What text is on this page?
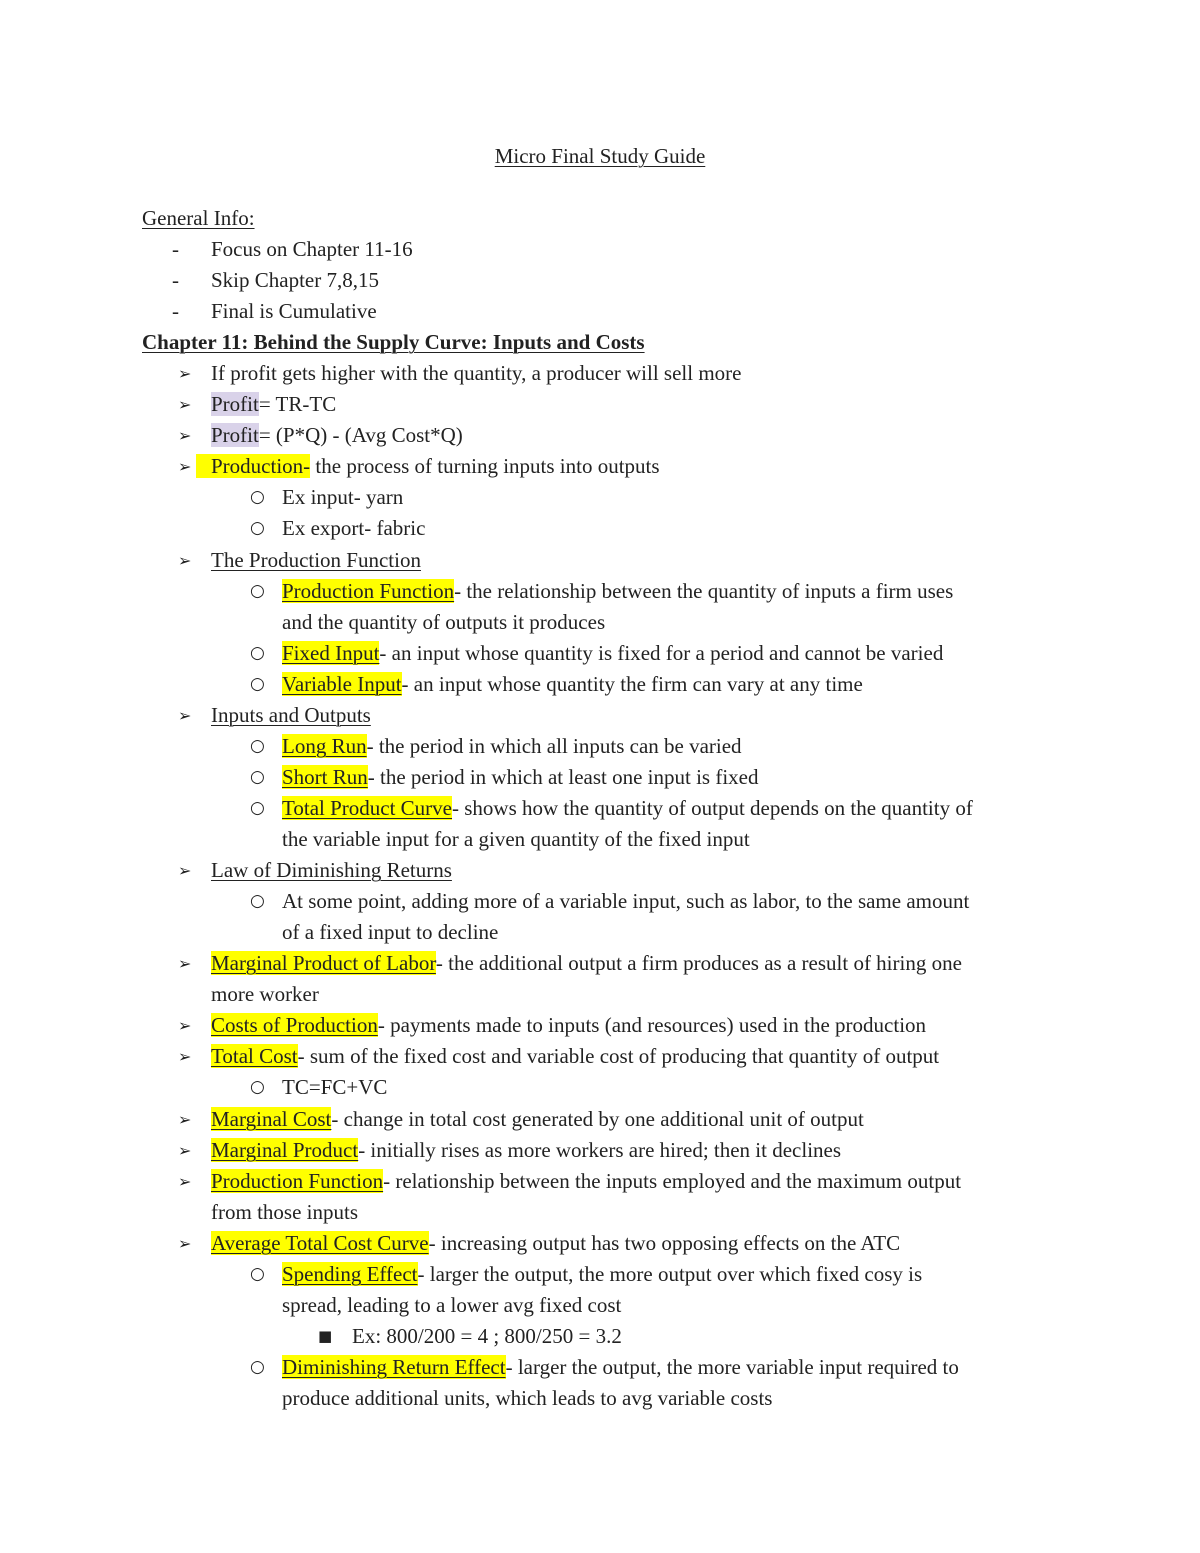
Micro Final Study Guide
General Info:
-	Focus on Chapter 11-16
-	Skip Chapter 7,8,15
-	Final is Cumulative
Chapter 11: Behind the Supply Curve: Inputs and Costs
➢ If profit gets higher with the quantity, a producer will sell more
➢ Profit= TR-TC
➢ Profit= (P*Q) - (Avg Cost*Q)
➢ Production- the process of turning inputs into outputs
○ Ex input- yarn
○ Ex export- fabric
➢ The Production Function
○ Production Function- the relationship between the quantity of inputs a firm uses
and the quantity of outputs it produces
○ Fixed Input- an input whose quantity is fixed for a period and cannot be varied
○ Variable Input- an input whose quantity the firm can vary at any time
➢ Inputs and Outputs
○ Long Run- the period in which all inputs can be varied
○ Short Run- the period in which at least one input is fixed
○ Total Product Curve- shows how the quantity of output depends on the quantity of
the variable input for a given quantity of the fixed input
➢ Law of Diminishing Returns
○ At some point, adding more of a variable input, such as labor, to the same amount
of a fixed input to decline
➢ Marginal Product of Labor- the additional output a firm produces as a result of hiring one
more worker
➢ Costs of Production- payments made to inputs (and resources) used in the production
➢ Total Cost- sum of the fixed cost and variable cost of producing that quantity of output
○ TC=FC+VC
➢ Marginal Cost- change in total cost generated by one additional unit of output
➢ Marginal Product- initially rises as more workers are hired; then it declines
➢ Production Function- relationship between the inputs employed and the maximum output
from those inputs
➢ Average Total Cost Curve- increasing output has two opposing effects on the ATC
○ Spending Effect- larger the output, the more output over which fixed cosy is
spread, leading to a lower avg fixed cost
■ Ex: 800/200 = 4 ; 800/250 = 3.2
○ Diminishing Return Effect- larger the output, the more variable input required to
produce additional units, which leads to avg variable costs
